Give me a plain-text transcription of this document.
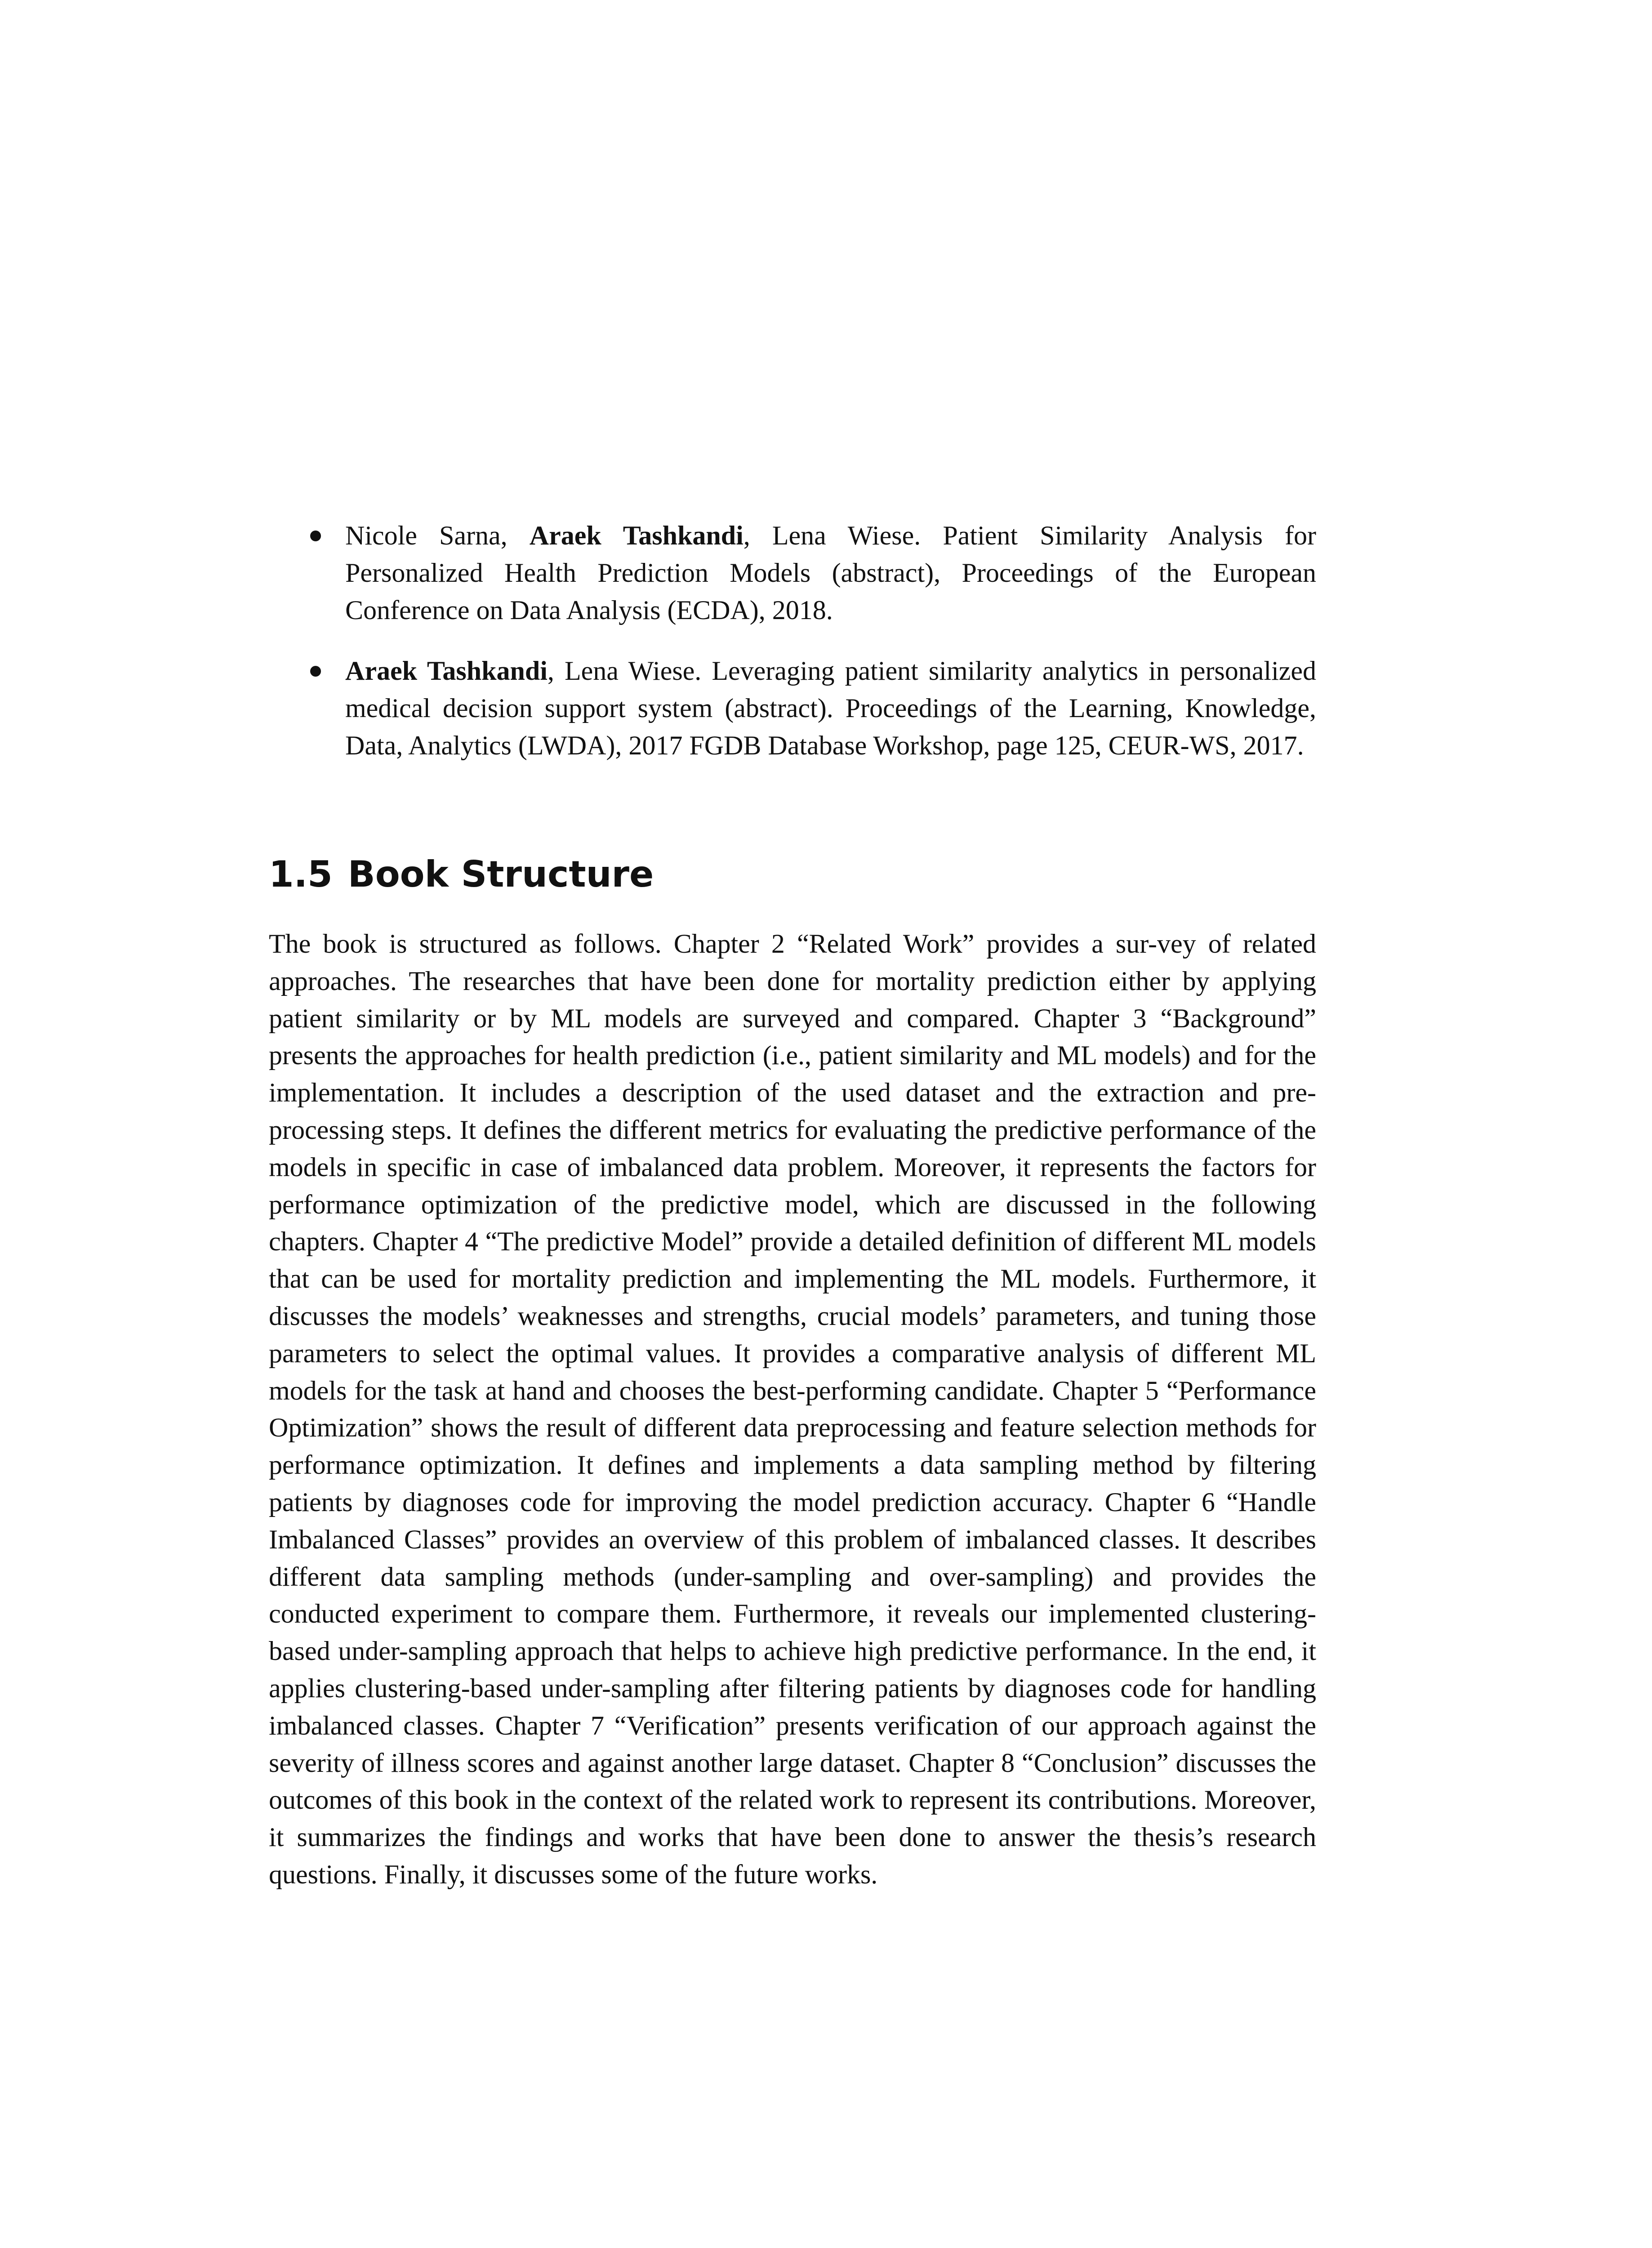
Nicole Sarna, Araek Tashkandi, Lena Wiese. Patient Similarity Analysis for Personalized Health Prediction Models (abstract), Proceedings of the European Conference on Data Analysis (ECDA), 2018.
Araek Tashkandi, Lena Wiese. Leveraging patient similarity analytics in personalized medical decision support system (abstract). Proceedings of the Learning, Knowledge, Data, Analytics (LWDA), 2017 FGDB Database Workshop, page 125, CEUR-WS, 2017.
1.5 Book Structure

The book is structured as follows. Chapter 2 “Related Work” provides a sur-vey of related approaches. The researches that have been done for mortality prediction either by applying patient similarity or by ML models are surveyed and compared. Chapter 3 “Background” presents the approaches for health prediction (i.e., patient similarity and ML models) and for the implementation. It includes a description of the used dataset and the extraction and pre-processing steps. It defines the different metrics for evaluating the predictive performance of the models in specific in case of imbalanced data problem. Moreover, it represents the factors for performance optimization of the predictive model, which are discussed in the following chapters. Chapter 4 “The predictive Model” provide a detailed definition of different ML models that can be used for mortality prediction and implementing the ML models. Furthermore, it discusses the models’ weaknesses and strengths, crucial models’ parameters, and tuning those parameters to select the optimal values. It provides a comparative analysis of different ML models for the task at hand and chooses the best-performing candidate. Chapter 5 “Performance Optimization” shows the result of different data preprocessing and feature selection methods for performance optimization. It defines and implements a data sampling method by filtering patients by diagnoses code for improving the model prediction accuracy. Chapter 6 “Handle Imbalanced Classes” provides an overview of this problem of imbalanced classes. It describes different data sampling methods (under-sampling and over-sampling) and provides the conducted experiment to compare them. Furthermore, it reveals our implemented clustering-based under-sampling approach that helps to achieve high predictive performance. In the end, it applies clustering-based under-sampling after filtering patients by diagnoses code for handling imbalanced classes. Chapter 7 “Verification” presents verification of our approach against the severity of illness scores and against another large dataset. Chapter 8 “Conclusion” discusses the outcomes of this book in the context of the related work to represent its contributions. Moreover, it summarizes the findings and works that have been done to answer the thesis’s research questions. Finally, it discusses some of the future works.
